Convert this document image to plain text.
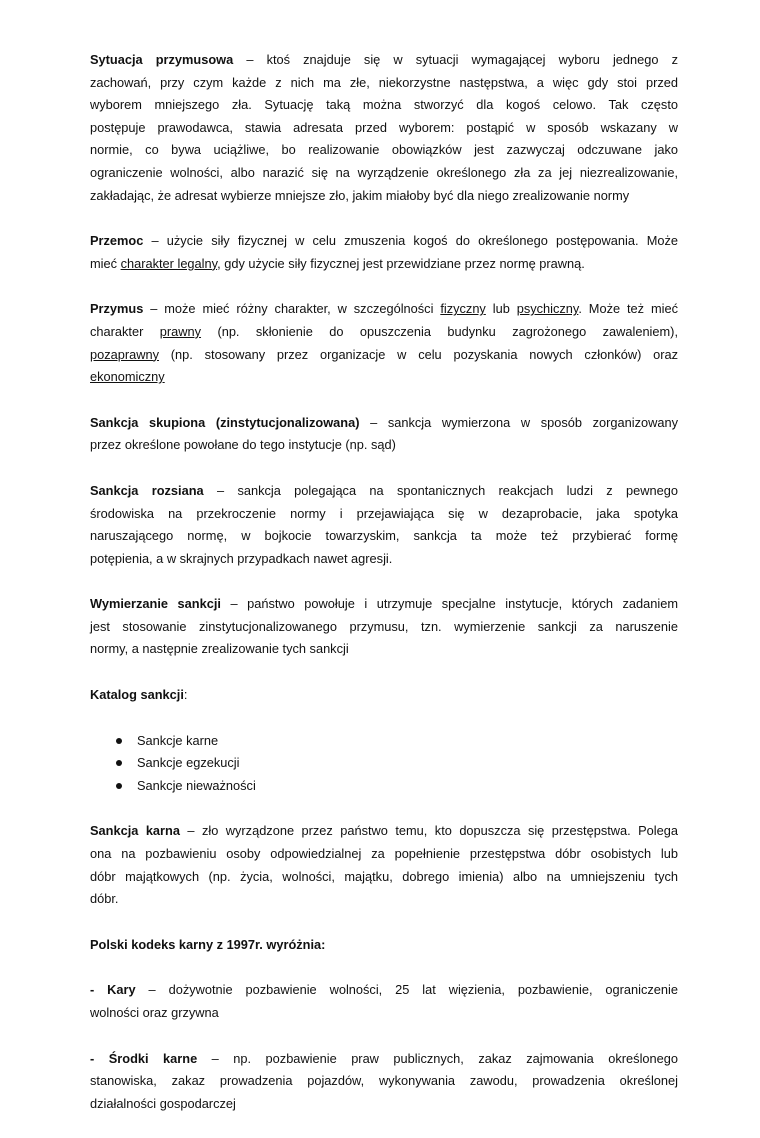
Sytuacja przymusowa – ktoś znajduje się w sytuacji wymagającej wyboru jednego z
zachowań, przy czym każde z nich ma złe, niekorzystne następstwa, a więc gdy stoi przed
wyborem mniejszego zła. Sytuację taką można stworzyć dla kogoś celowo. Tak często
postępuje prawodawca, stawia adresata przed wyborem: postąpić w sposób wskazany w
normie, co bywa uciążliwe, bo realizowanie obowiązków jest zazwyczaj odczuwane jako
ograniczenie wolności, albo narazić się na wyrządzenie określonego zła za jej niezrealizowanie,
zakładając, że adresat wybierze mniejsze zło, jakim miałoby być dla niego zrealizowanie normy
Przemoc – użycie siły fizycznej w celu zmuszenia kogoś do określonego postępowania. Może
mieć charakter legalny, gdy użycie siły fizycznej jest przewidziane przez normę prawną.
Przymus – może mieć różny charakter, w szczególności fizyczny lub psychiczny. Może też mieć
charakter prawny (np. skłonienie do opuszczenia budynku zagrożonego zawaleniem),
pozaprawny (np. stosowany przez organizacje w celu pozyskania nowych członków) oraz
ekonomiczny
Sankcja skupiona (zinstytucjonalizowana) – sankcja wymierzona w sposób zorganizowany
przez określone powołane do tego instytucje (np. sąd)
Sankcja rozsiana – sankcja polegająca na spontanicznych reakcjach ludzi z pewnego
środowiska na przekroczenie normy i przejawiająca się w dezaprobacie, jaka spotyka
naruszającego normę, w bojkocie towarzyskim, sankcja ta może też przybierać formę
potępienia, a w skrajnych przypadkach nawet agresji.
Wymierzanie sankcji – państwo powołuje i utrzymuje specjalne instytucje, których zadaniem
jest stosowanie zinstytucjonalizowanego przymusu, tzn. wymierzenie sankcji za naruszenie
normy, a następnie zrealizowanie tych sankcji
Katalog sankcji:
Sankcje karne
Sankcje egzekucji
Sankcje nieważności
Sankcja karna – zło wyrządzone przez państwo temu, kto dopuszcza się przestępstwa. Polega
ona na pozbawieniu osoby odpowiedzialnej za popełnienie przestępstwa dóbr osobistych lub
dóbr majątkowych (np. życia, wolności, majątku, dobrego imienia) albo na umniejszeniu tych
dóbr.
Polski kodeks karny z 1997r. wyróżnia:
- Kary – dożywotnie pozbawienie wolności, 25 lat więzienia, pozbawienie, ograniczenie
wolności oraz grzywna
- Środki karne – np. pozbawienie praw publicznych, zakaz zajmowania określonego
stanowiska, zakaz prowadzenia pojazdów, wykonywania zawodu, prowadzenia określonej
działalności gospodarczej
